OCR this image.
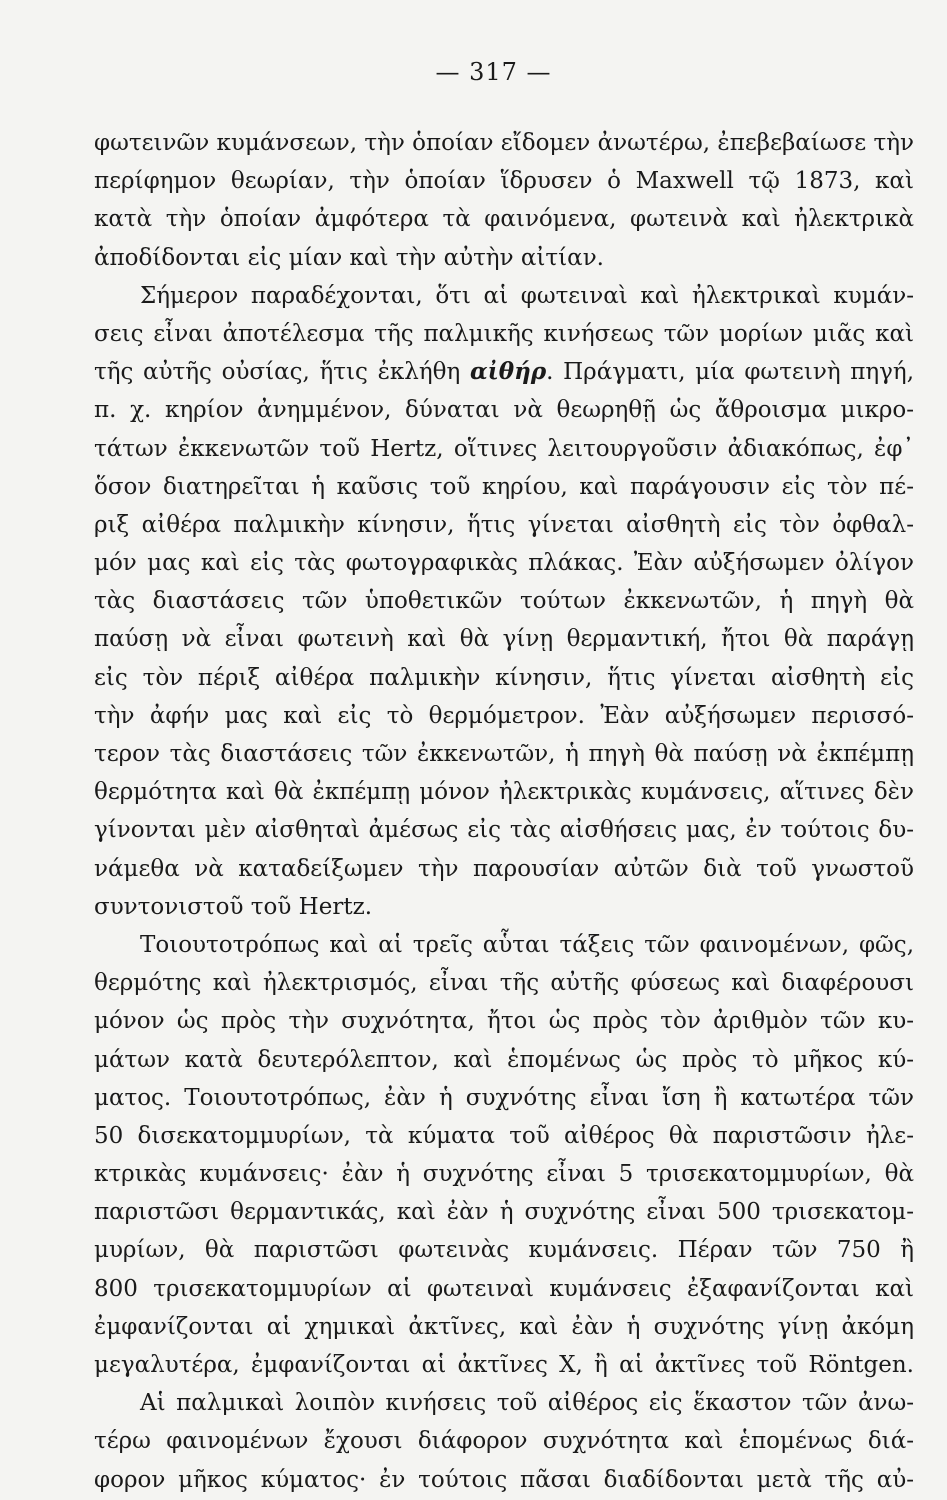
— 317 —
φωτεινῶν κυμάνσεων, τὴν ὁποίαν εἴδομεν ἀνωτέρω, ἐπεβεβαίωσε τὴν
περίφημον θεωρίαν, τὴν ὁποίαν ἵδρυσεν ὁ Maxwell τῷ 1873, καὶ
κατὰ τὴν ὁποίαν ἀμφότερα τὰ φαινόμενα, φωτεινὰ καὶ ἠλεκτρικὰ
ἀποδίδονται εἰς μίαν καὶ τὴν αὐτὴν αἰτίαν.
Σήμερον παραδέχονται, ὅτι αἱ φωτειναὶ καὶ ἠλεκτρικαὶ κυμάν-
σεις εἶναι ἀποτέλεσμα τῆς παλμικῆς κινήσεως τῶν μορίων μιᾶς καὶ
τῆς αὐτῆς οὐσίας, ἥτις ἐκλήθη αἰθήρ. Πράγματι, μία φωτεινὴ πηγή,
π. χ. κηρίον ἀνημμένον, δύναται νὰ θεωρηθῇ ὡς ἄθροισμα μικρο-
τάτων ἐκκενωτῶν τοῦ Hertz, οἵτινες λειτουργοῦσιν ἀδιακόπως, ἐφ᾽
ὅσον διατηρεῖται ἡ καῦσις τοῦ κηρίου, καὶ παράγουσιν εἰς τὸν πέ-
ριξ αἰθέρα παλμικὴν κίνησιν, ἥτις γίνεται αἰσθητὴ εἰς τὸν ὀφθαλ-
μόν μας καὶ εἰς τὰς φωτογραφικὰς πλάκας. Ἐὰν αὐξήσωμεν ὀλίγον
τὰς διαστάσεις τῶν ὑποθετικῶν τούτων ἐκκενωτῶν, ἡ πηγὴ θὰ
παύσῃ νὰ εἶναι φωτεινὴ καὶ θὰ γίνῃ θερμαντική, ἤτοι θὰ παράγῃ
εἰς τὸν πέριξ αἰθέρα παλμικὴν κίνησιν, ἥτις γίνεται αἰσθητὴ εἰς
τὴν ἀφήν μας καὶ εἰς τὸ θερμόμετρον. Ἐὰν αὐξήσωμεν περισσό-
τερον τὰς διαστάσεις τῶν ἐκκενωτῶν, ἡ πηγὴ θὰ παύσῃ νὰ ἐκπέμπῃ
θερμότητα καὶ θὰ ἐκπέμπῃ μόνον ἠλεκτρικὰς κυμάνσεις, αἵτινες δὲν
γίνονται μὲν αἰσθηταὶ ἀμέσως εἰς τὰς αἰσθήσεις μας, ἐν τούτοις δυ-
νάμεθα νὰ καταδείξωμεν τὴν παρουσίαν αὐτῶν διὰ τοῦ γνωστοῦ
συντονιστοῦ τοῦ Hertz.
Τοιουτοτρόπως καὶ αἱ τρεῖς αὗται τάξεις τῶν φαινομένων, φῶς,
θερμότης καὶ ἠλεκτρισμός, εἶναι τῆς αὐτῆς φύσεως καὶ διαφέρουσι
μόνον ὡς πρὸς τὴν συχνότητα, ἤτοι ὡς πρὸς τὸν ἀριθμὸν τῶν κυ-
μάτων κατὰ δευτερόλεπτον, καὶ ἑπομένως ὡς πρὸς τὸ μῆκος κύ-
ματος. Τοιουτοτρόπως, ἐὰν ἡ συχνότης εἶναι ἴση ἢ κατωτέρα τῶν
50 δισεκατομμυρίων, τὰ κύματα τοῦ αἰθέρος θὰ παριστῶσιν ἠλε-
κτρικὰς κυμάνσεις· ἐὰν ἡ συχνότης εἶναι 5 τρισεκατομμυρίων, θὰ
παριστῶσι θερμαντικάς, καὶ ἐὰν ἡ συχνότης εἶναι 500 τρισεκατομ-
μυρίων, θὰ παριστῶσι φωτεινὰς κυμάνσεις. Πέραν τῶν 750 ἢ
800 τρισεκατομμυρίων αἱ φωτειναὶ κυμάνσεις ἐξαφανίζονται καὶ
ἐμφανίζονται αἱ χημικαὶ ἀκτῖνες, καὶ ἐὰν ἡ συχνότης γίνῃ ἀκόμη
μεγαλυτέρα, ἐμφανίζονται αἱ ἀκτῖνες X, ἢ αἱ ἀκτῖνες τοῦ Röntgen.
Αἱ παλμικαὶ λοιπὸν κινήσεις τοῦ αἰθέρος εἰς ἕκαστον τῶν ἀνω-
τέρω φαινομένων ἔχουσι διάφορον συχνότητα καὶ ἑπομένως διά-
φορον μῆκος κύματος· ἐν τούτοις πᾶσαι διαδίδονται μετὰ τῆς αὐ-
